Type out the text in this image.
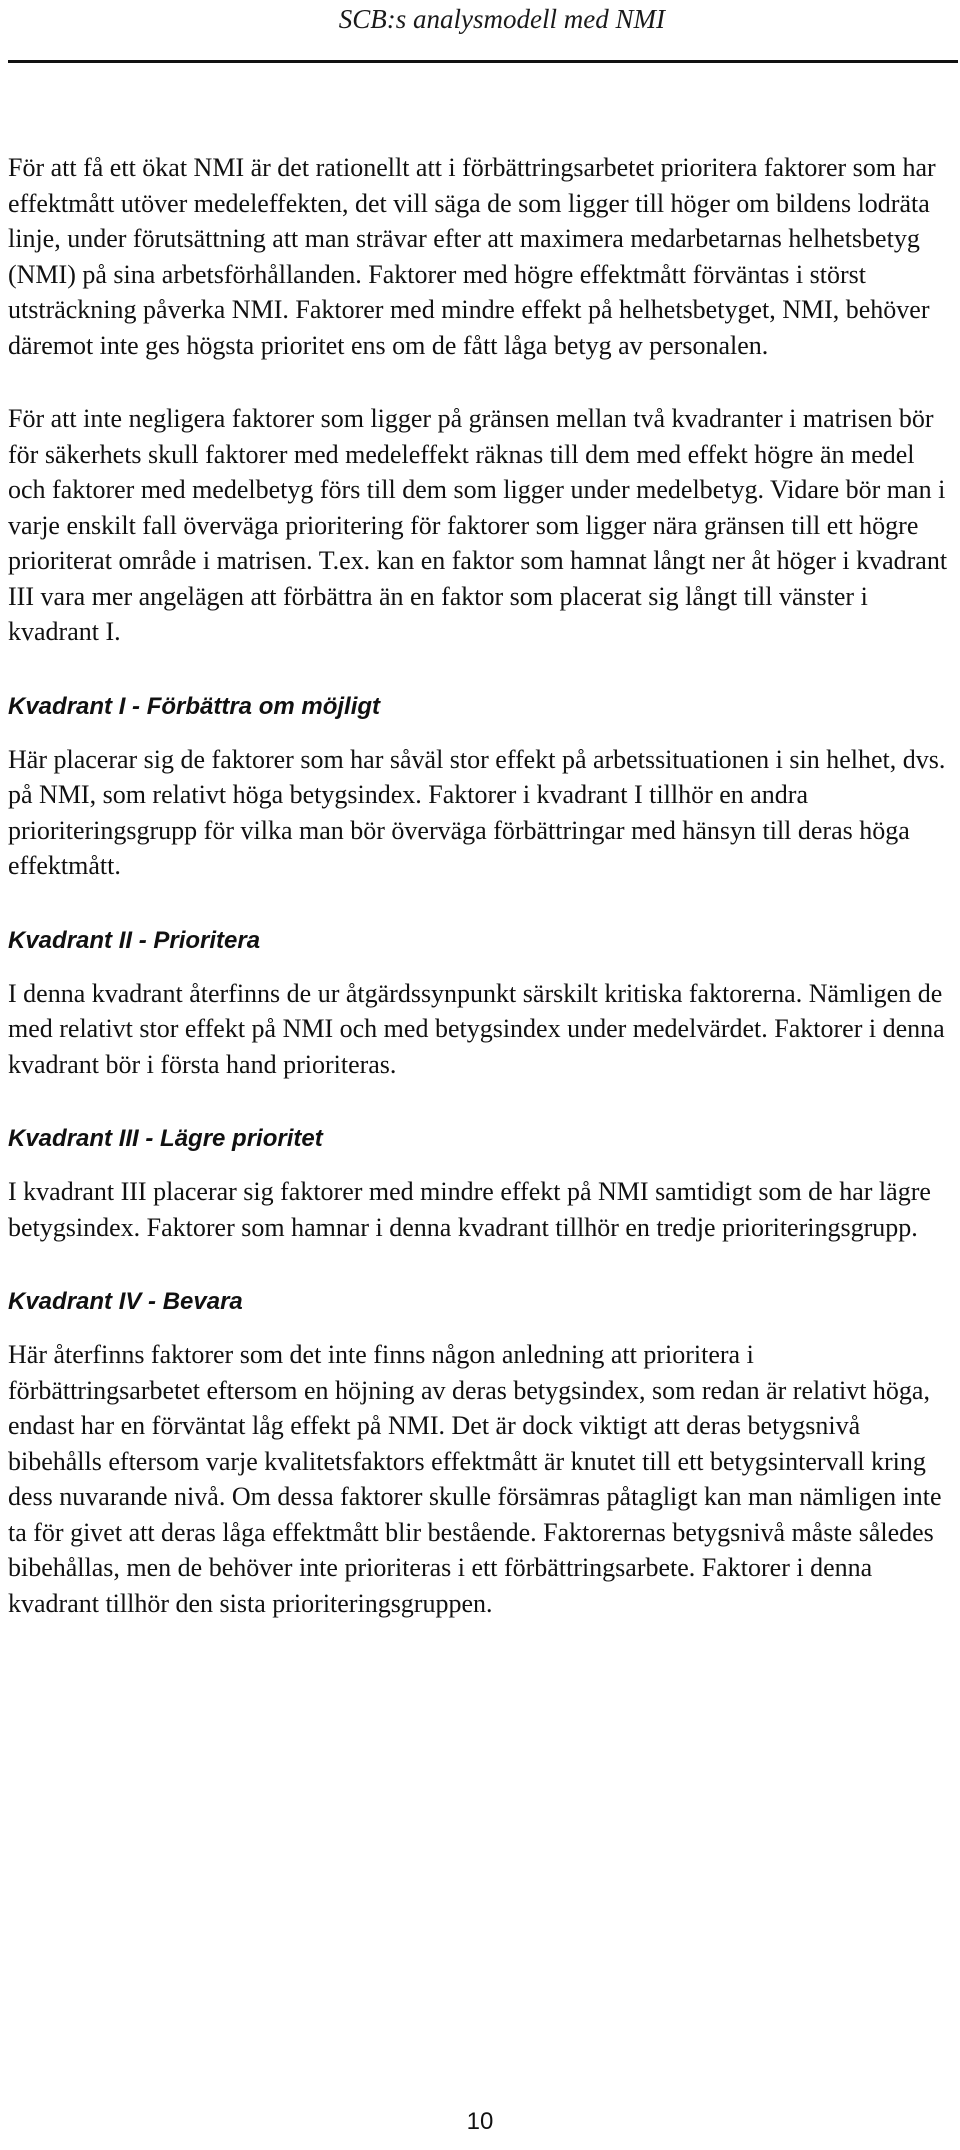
SCB:s analysmodell med NMI

För att få ett ökat NMI är det rationellt att i förbättringsarbetet prioritera faktorer som har effektmått utöver medeleffekten, det vill säga de som ligger till höger om bildens lodräta linje, under förutsättning att man strävar efter att maximera medarbetarnas helhetsbetyg (NMI) på sina arbetsförhållanden. Faktorer med högre effektmått förväntas i störst utsträckning påverka NMI. Faktorer med mindre effekt på helhetsbetyget, NMI, behöver däremot inte ges högsta prioritet ens om de fått låga betyg av personalen.

För att inte negligera faktorer som ligger på gränsen mellan två kvadranter i matrisen bör för säkerhets skull faktorer med medeleffekt räknas till dem med effekt högre än medel och faktorer med medelbetyg förs till dem som ligger under medelbetyg. Vidare bör man i varje enskilt fall överväga prioritering för faktorer som ligger nära gränsen till ett högre prioriterat område i matrisen. T.ex. kan en faktor som hamnat långt ner åt höger i kvadrant III vara mer angelägen att förbättra än en faktor som placerat sig långt till vänster i kvadrant I.

Kvadrant I - Förbättra om möjligt

Här placerar sig de faktorer som har såväl stor effekt på arbetssituationen i sin helhet, dvs. på NMI, som relativt höga betygsindex. Faktorer i kvadrant I tillhör en andra prioriteringsgrupp för vilka man bör överväga förbättringar med hänsyn till deras höga effektmått.

Kvadrant II - Prioritera

I denna kvadrant återfinns de ur åtgärdssynpunkt särskilt kritiska faktorerna. Nämligen de med relativt stor effekt på NMI och med betygsindex under medelvärdet. Faktorer i denna kvadrant bör i första hand prioriteras.

Kvadrant III - Lägre prioritet

I kvadrant III placerar sig faktorer med mindre effekt på NMI samtidigt som de har lägre betygsindex. Faktorer som hamnar i denna kvadrant tillhör en tredje prioriteringsgrupp.

Kvadrant IV - Bevara

Här återfinns faktorer som det inte finns någon anledning att prioritera i förbättringsarbetet eftersom en höjning av deras betygsindex, som redan är relativt höga, endast har en förväntat låg effekt på NMI. Det är dock viktigt att deras betygsnivå bibehålls eftersom varje kvalitetsfaktors effektmått är knutet till ett betygsintervall kring dess nuvarande nivå. Om dessa faktorer skulle försämras påtagligt kan man nämligen inte ta för givet att deras låga effektmått blir bestående. Faktorernas betygsnivå måste således bibehållas, men de behöver inte prioriteras i ett förbättringsarbete. Faktorer i denna kvadrant tillhör den sista prioriteringsgruppen.

10
